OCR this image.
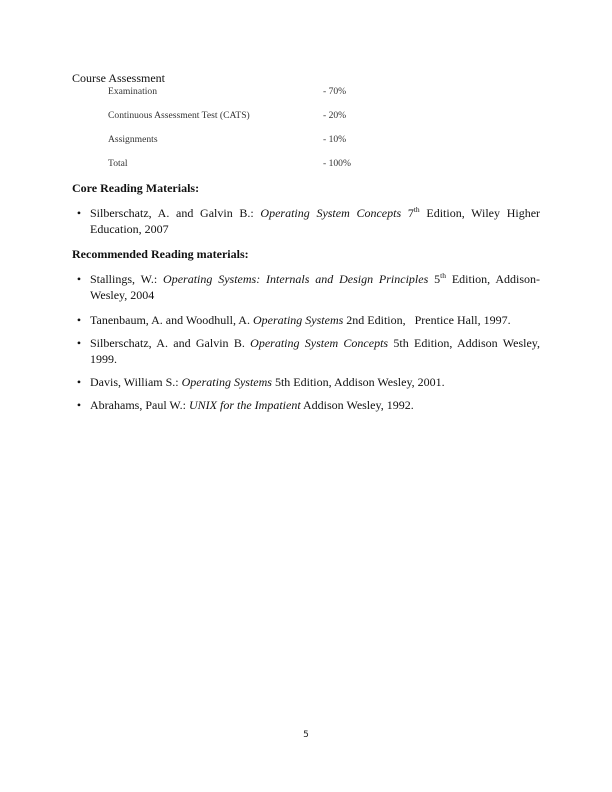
Course Assessment
Examination	- 70%
Continuous Assessment Test (CATS)	- 20%
Assignments	- 10%
Total	- 100%
Core Reading Materials:
• Silberschatz, A. and Galvin B.: Operating System Concepts 7th Edition, Wiley Higher Education, 2007
Recommended Reading materials:
• Stallings, W.: Operating Systems: Internals and Design Principles 5th Edition, Addison-Wesley, 2004
• Tanenbaum, A. and Woodhull, A. Operating Systems 2nd Edition,   Prentice Hall, 1997.
• Silberschatz, A. and Galvin B. Operating System Concepts 5th Edition, Addison Wesley, 1999.
• Davis, William S.: Operating Systems 5th Edition, Addison Wesley, 2001.
• Abrahams, Paul W.: UNIX for the Impatient Addison Wesley, 1992.
5
